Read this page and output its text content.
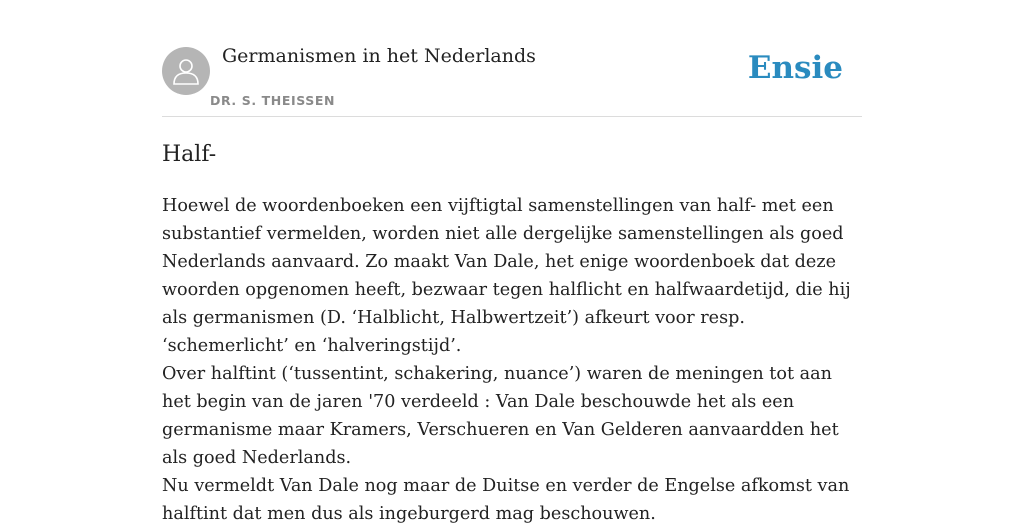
Germanismen in het Nederlands
DR. S. THEISSEN
Ensie
Half-

Hoewel de woordenboeken een vijftigtal samenstellingen van half- met een substantief vermelden, worden niet alle dergelijke samenstellingen als goed Nederlands aanvaard. Zo maakt Van Dale, het enige woordenboek dat deze woorden opgenomen heeft, bezwaar tegen halflicht en halfwaardetijd, die hij als germanismen (D. ‘Halblicht, Halbwertzeit’) afkeurt voor resp. ‘schemerlicht’ en ‘halveringstijd’.

Over halftint (‘tussentint, schakering, nuance’) waren de meningen tot aan het begin van de jaren '70 verdeeld : Van Dale beschouwde het als een germanisme maar Kramers, Verschueren en Van Gelderen aanvaardden het als goed Nederlands.

Nu vermeldt Van Dale nog maar de Duitse en verder de Engelse afkomst van halftint dat men dus als ingeburgerd mag beschouwen.
